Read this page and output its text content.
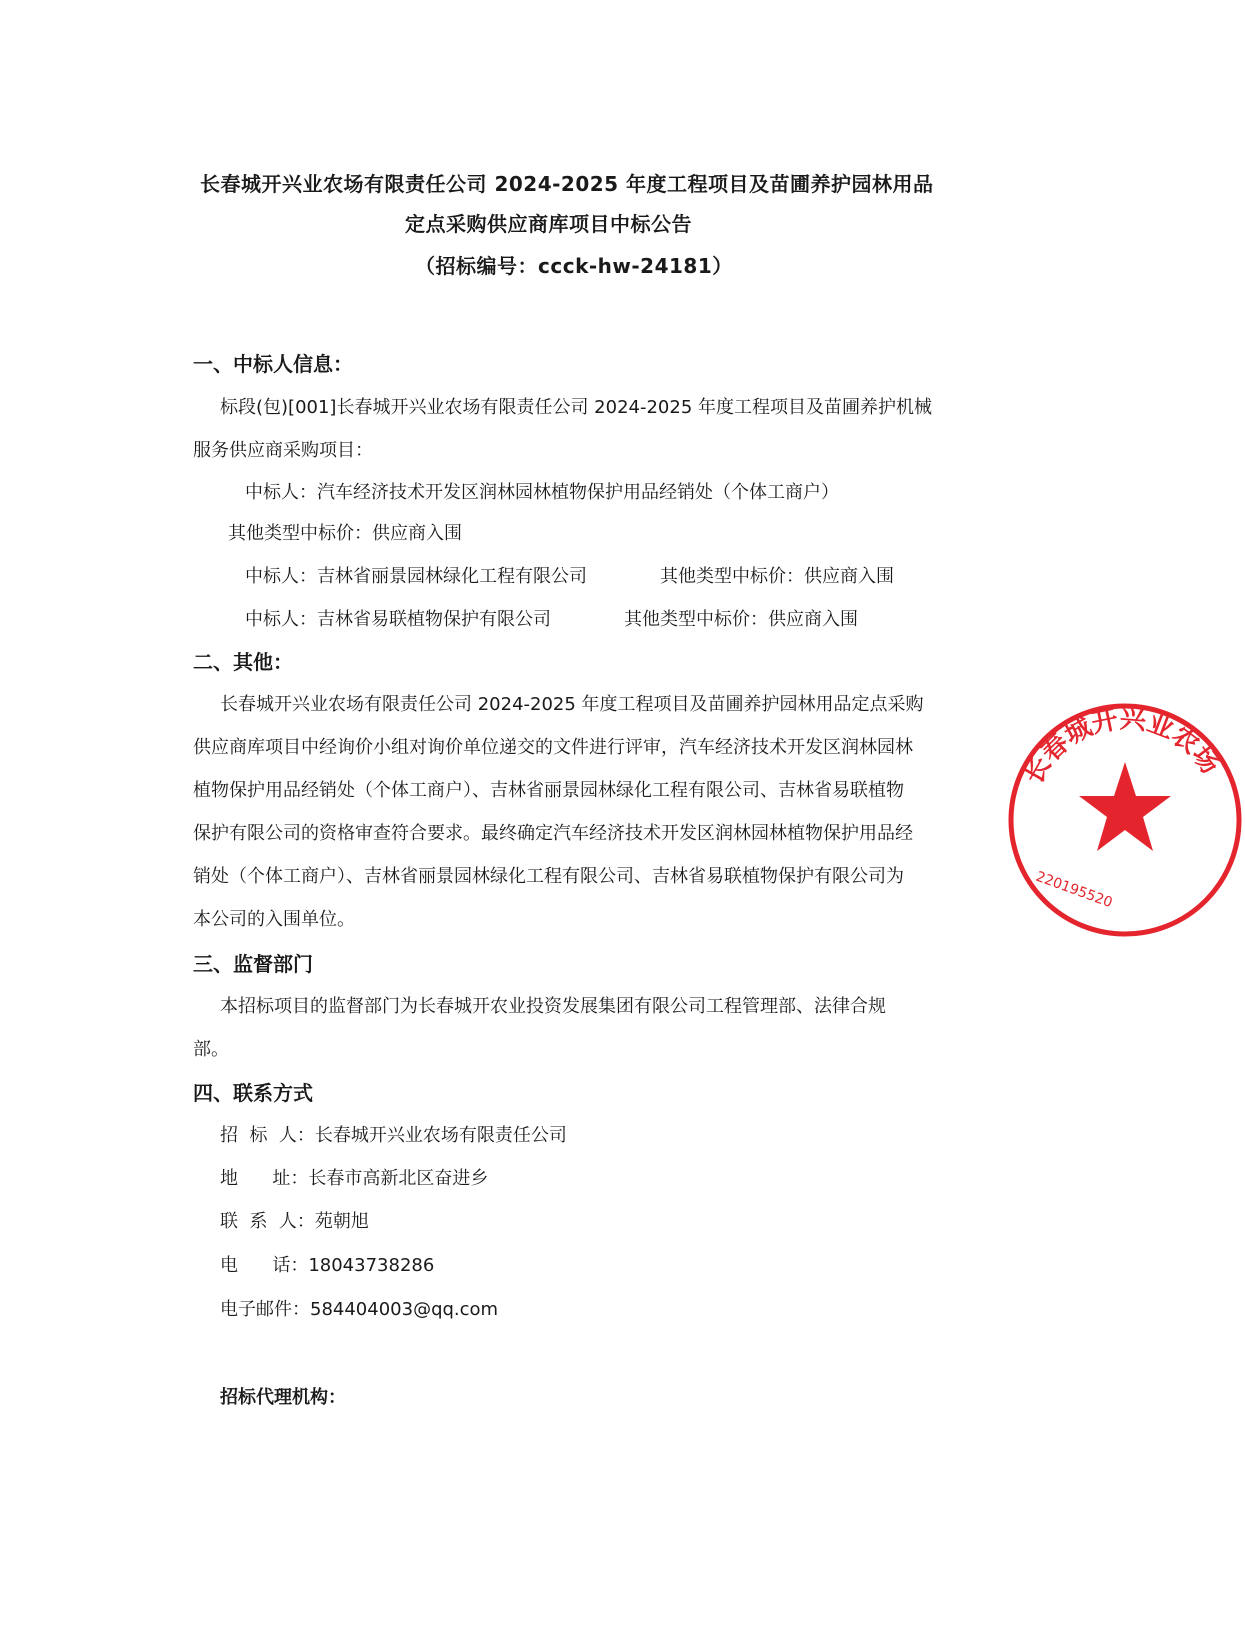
长春城开兴业农场有限责任公司 2024-2025 年度工程项目及苗圃养护园林用品
定点采购供应商库项目中标公告
（招标编号：ccck-hw-24181）
一、中标人信息：
标段(包)[001]长春城开兴业农场有限责任公司 2024-2025 年度工程项目及苗圃养护机械
服务供应商采购项目：
中标人：汽车经济技术开发区润林园林植物保护用品经销处（个体工商户）
其他类型中标价：供应商入围
中标人：吉林省丽景园林绿化工程有限公司	其他类型中标价：供应商入围
中标人：吉林省易联植物保护有限公司	其他类型中标价：供应商入围
二、其他：
长春城开兴业农场有限责任公司 2024-2025 年度工程项目及苗圃养护园林用品定点采购
供应商库项目中经询价小组对询价单位递交的文件进行评审，汽车经济技术开发区润林园林
植物保护用品经销处（个体工商户）、吉林省丽景园林绿化工程有限公司、吉林省易联植物
保护有限公司的资格审查符合要求。最终确定汽车经济技术开发区润林园林植物保护用品经
销处（个体工商户）、吉林省丽景园林绿化工程有限公司、吉林省易联植物保护有限公司为
本公司的入围单位。
三、监督部门
本招标项目的监督部门为长春城开农业投资发展集团有限公司工程管理部、法律合规
部。
四、联系方式
招  标  人：长春城开兴业农场有限责任公司
地      址：长春市高新北区奋进乡
联  系  人：苑朝旭
电      话：18043738286
电子邮件：584404003@qq.com
招标代理机构：
长春城开兴业农场
220195520
